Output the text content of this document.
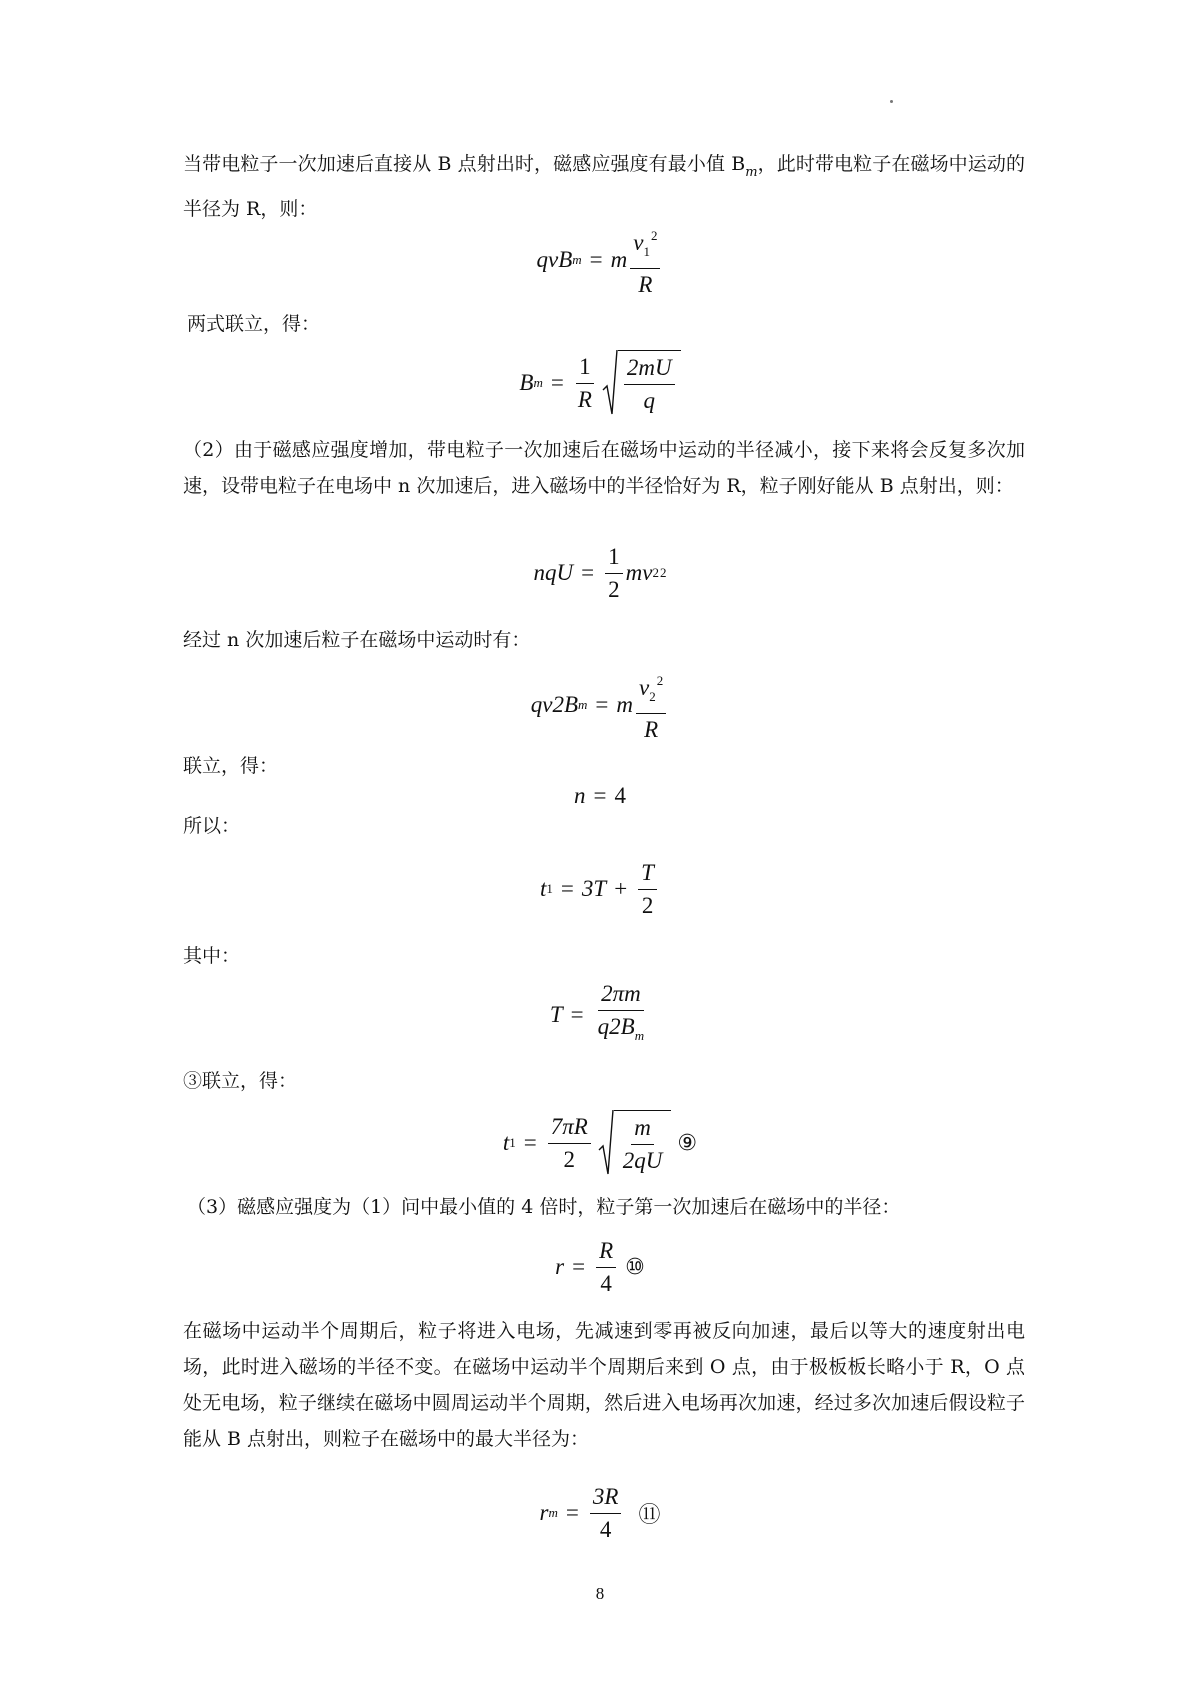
当带电粒子一次加速后直接从 B 点射出时，磁感应强度有最小值 $B_m$，此时带电粒子在磁场中运动的半径为 R，则：
qvB m = m $\frac{v_1^2}{R}$
两式联立，得：
B $m = \frac{1}{R} \frac{2mU}{q}$
（2）由于磁感应强度增加，带电粒子一次加速后在磁场中运动的半径减小，接下来将会反复多次加速，设带电粒子在电场中 n 次加速后，进入磁场中的半径恰好为 R，粒子刚好能从 B 点射出，则：
nqU = $\frac{1}{2}$ mv 2 2
经过 n 次加速后粒子在磁场中运动时有：
qv2B m = m $\frac{v_2^2}{R}$
联立，得：
n = 4
所以：
t $1 = 3T + \frac{T}{2}$
其中：
$T = \frac{2\pi m}{q2B_m}$
③联立，得：
t $1 = \frac{7\pi R}{2} \frac{m}{2qU}$ ⑨
（3）磁感应强度为（1）问中最小值的 4 倍时，粒子第一次加速后在磁场中的半径：
$r = \frac{R}{4}$ ⑩
在磁场中运动半个周期后，粒子将进入电场，先减速到零再被反向加速，最后以等大的速度射出电场，此时进入磁场的半径不变。在磁场中运动半个周期后来到 O 点，由于极板板长略小于 R，O 点处无电场，粒子继续在磁场中圆周运动半个周期，然后进入电场再次加速，经过多次加速后假设粒子能从 B 点射出，则粒子在磁场中的最大半径为：
r $m = \frac{3R}{4}$ ⑪
8
